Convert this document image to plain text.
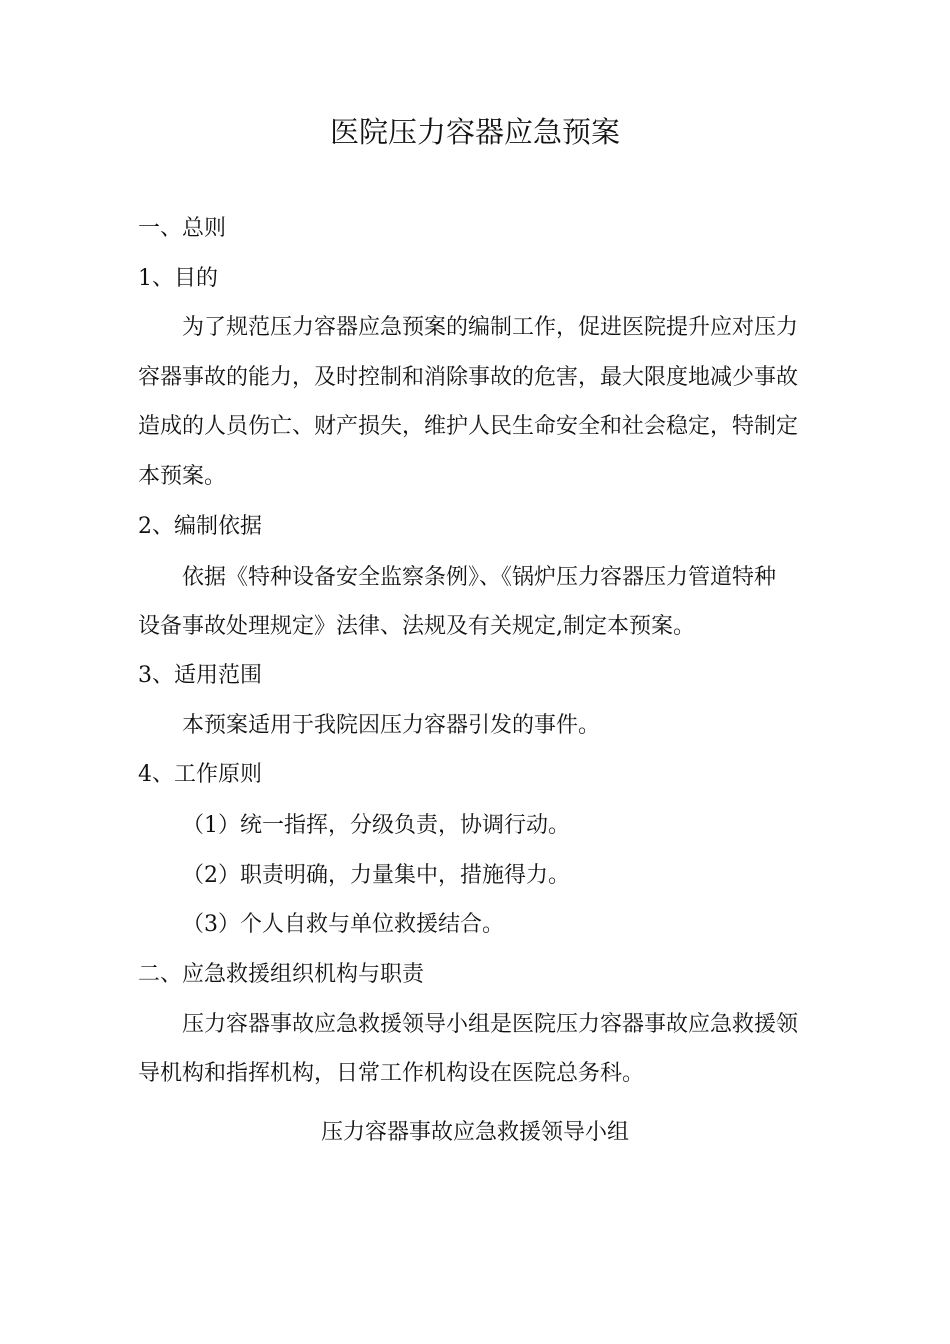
医院压力容器应急预案
一、总则
1、目的
为了规范压力容器应急预案的编制工作，促进医院提升应对压力
容器事故的能力，及时控制和消除事故的危害，最大限度地减少事故
造成的人员伤亡、财产损失，维护人民生命安全和社会稳定，特制定
本预案。
2、编制依据
依据《特种设备安全监察条例》、《锅炉压力容器压力管道特种
设备事故处理规定》法律、法规及有关规定,制定本预案。
3、适用范围
本预案适用于我院因压力容器引发的事件。
4、工作原则
（1）统一指挥，分级负责，协调行动。
（2）职责明确，力量集中，措施得力。
（3）个人自救与单位救援结合。
二、应急救援组织机构与职责
压力容器事故应急救援领导小组是医院压力容器事故应急救援领
导机构和指挥机构，日常工作机构设在医院总务科。
压力容器事故应急救援领导小组
